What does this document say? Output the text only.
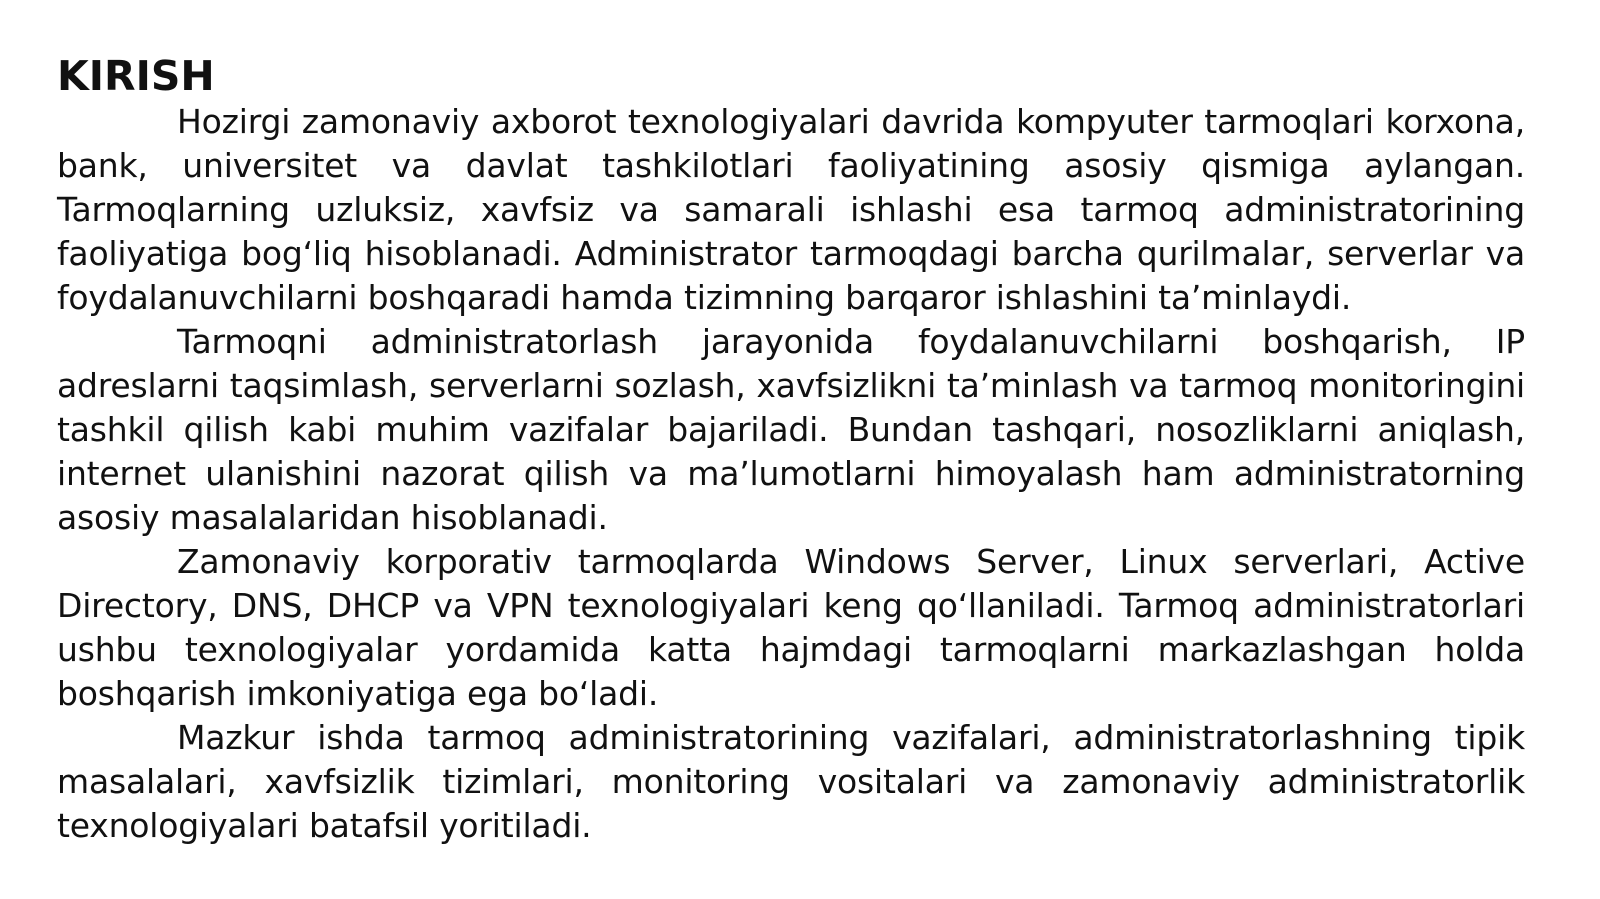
KIRISH

Hozirgi zamonaviy axborot texnologiyalari davrida kompyuter tarmoqlari korxona, bank, universitet va davlat tashkilotlari faoliyatining asosiy qismiga aylangan. Tarmoqlarning uzluksiz, xavfsiz va samarali ishlashi esa tarmoq administratorining faoliyatiga bog‘liq hisoblanadi. Administrator tarmoqdagi barcha qurilmalar, serverlar va foydalanuvchilarni boshqaradi hamda tizimning barqaror ishlashini ta’minlaydi.

Tarmoqni administratorlash jarayonida foydalanuvchilarni boshqarish, IP adreslarni taqsimlash, serverlarni sozlash, xavfsizlikni ta’minlash va tarmoq monitoringini tashkil qilish kabi muhim vazifalar bajariladi. Bundan tashqari, nosozliklarni aniqlash, internet ulanishini nazorat qilish va ma’lumotlarni himoyalash ham administratorning asosiy masalalaridan hisoblanadi.

Zamonaviy korporativ tarmoqlarda Windows Server, Linux serverlari, Active Directory, DNS, DHCP va VPN texnologiyalari keng qo‘llaniladi. Tarmoq administratorlari ushbu texnologiyalar yordamida katta hajmdagi tarmoqlarni markazlashgan holda boshqarish imkoniyatiga ega bo‘ladi.

Mazkur ishda tarmoq administratorining vazifalari, administratorlashning tipik masalalari, xavfsizlik tizimlari, monitoring vositalari va zamonaviy administratorlik texnologiyalari batafsil yoritiladi.
